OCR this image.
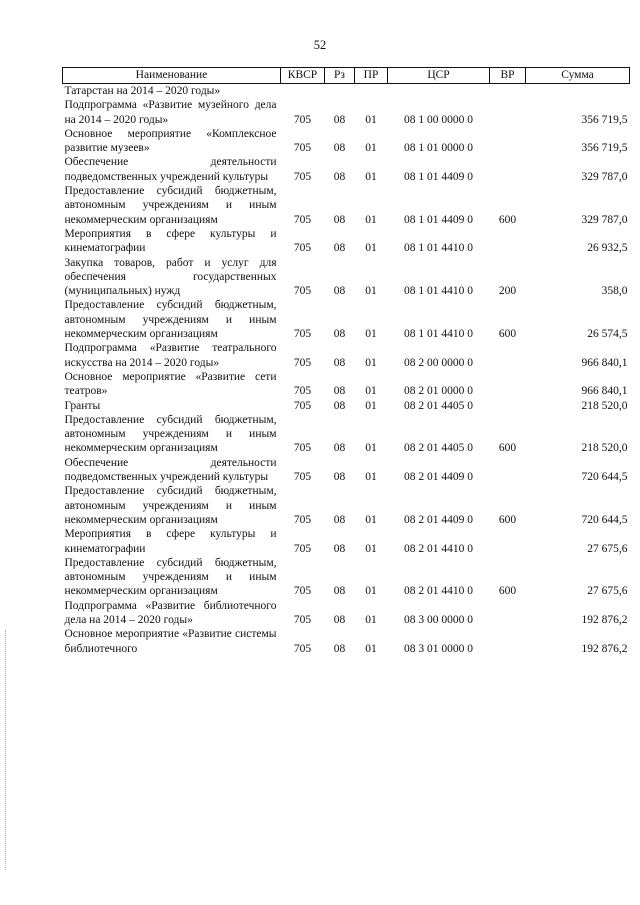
52
Наименование	КВСР	Рз	ПР	ЦСР	ВР	Сумма
Татарстан на 2014 – 2020 годы»						
Подпрограмма «Развитие музейного дела на 2014 – 2020 годы»	705	08	01	08 1 00 0000 0		356 719,5
Основное мероприятие «Комплексное развитие музеев»	705	08	01	08 1 01 0000 0		356 719,5
Обеспечение деятельности подведомственных учреждений культуры	705	08	01	08 1 01 4409 0		329 787,0
Предоставление субсидий бюджетным, автономным учреждениям и иным некоммерческим организациям	705	08	01	08 1 01 4409 0	600	329 787,0
Мероприятия в сфере культуры и кинематографии	705	08	01	08 1 01 4410 0		26 932,5
Закупка товаров, работ и услуг для обеспечения государственных (муниципальных) нужд	705	08	01	08 1 01 4410 0	200	358,0
Предоставление субсидий бюджетным, автономным учреждениям и иным некоммерческим организациям	705	08	01	08 1 01 4410 0	600	26 574,5
Подпрограмма «Развитие театрального искусства на 2014 – 2020 годы»	705	08	01	08 2 00 0000 0		966 840,1
Основное мероприятие «Развитие сети театров»	705	08	01	08 2 01 0000 0		966 840,1
Гранты	705	08	01	08 2 01 4405 0		218 520,0
Предоставление субсидий бюджетным, автономным учреждениям и иным некоммерческим организациям	705	08	01	08 2 01 4405 0	600	218 520,0
Обеспечение деятельности подведомственных учреждений культуры	705	08	01	08 2 01 4409 0		720 644,5
Предоставление субсидий бюджетным, автономным учреждениям и иным некоммерческим организациям	705	08	01	08 2 01 4409 0	600	720 644,5
Мероприятия в сфере культуры и кинематографии	705	08	01	08 2 01 4410 0		27 675,6
Предоставление субсидий бюджетным, автономным учреждениям и иным некоммерческим организациям	705	08	01	08 2 01 4410 0	600	27 675,6
Подпрограмма «Развитие библиотечного дела на 2014 – 2020 годы»	705	08	01	08 3 00 0000 0		192 876,2
Основное мероприятие «Развитие системы библиотечного	705	08	01	08 3 01 0000 0		192 876,2
